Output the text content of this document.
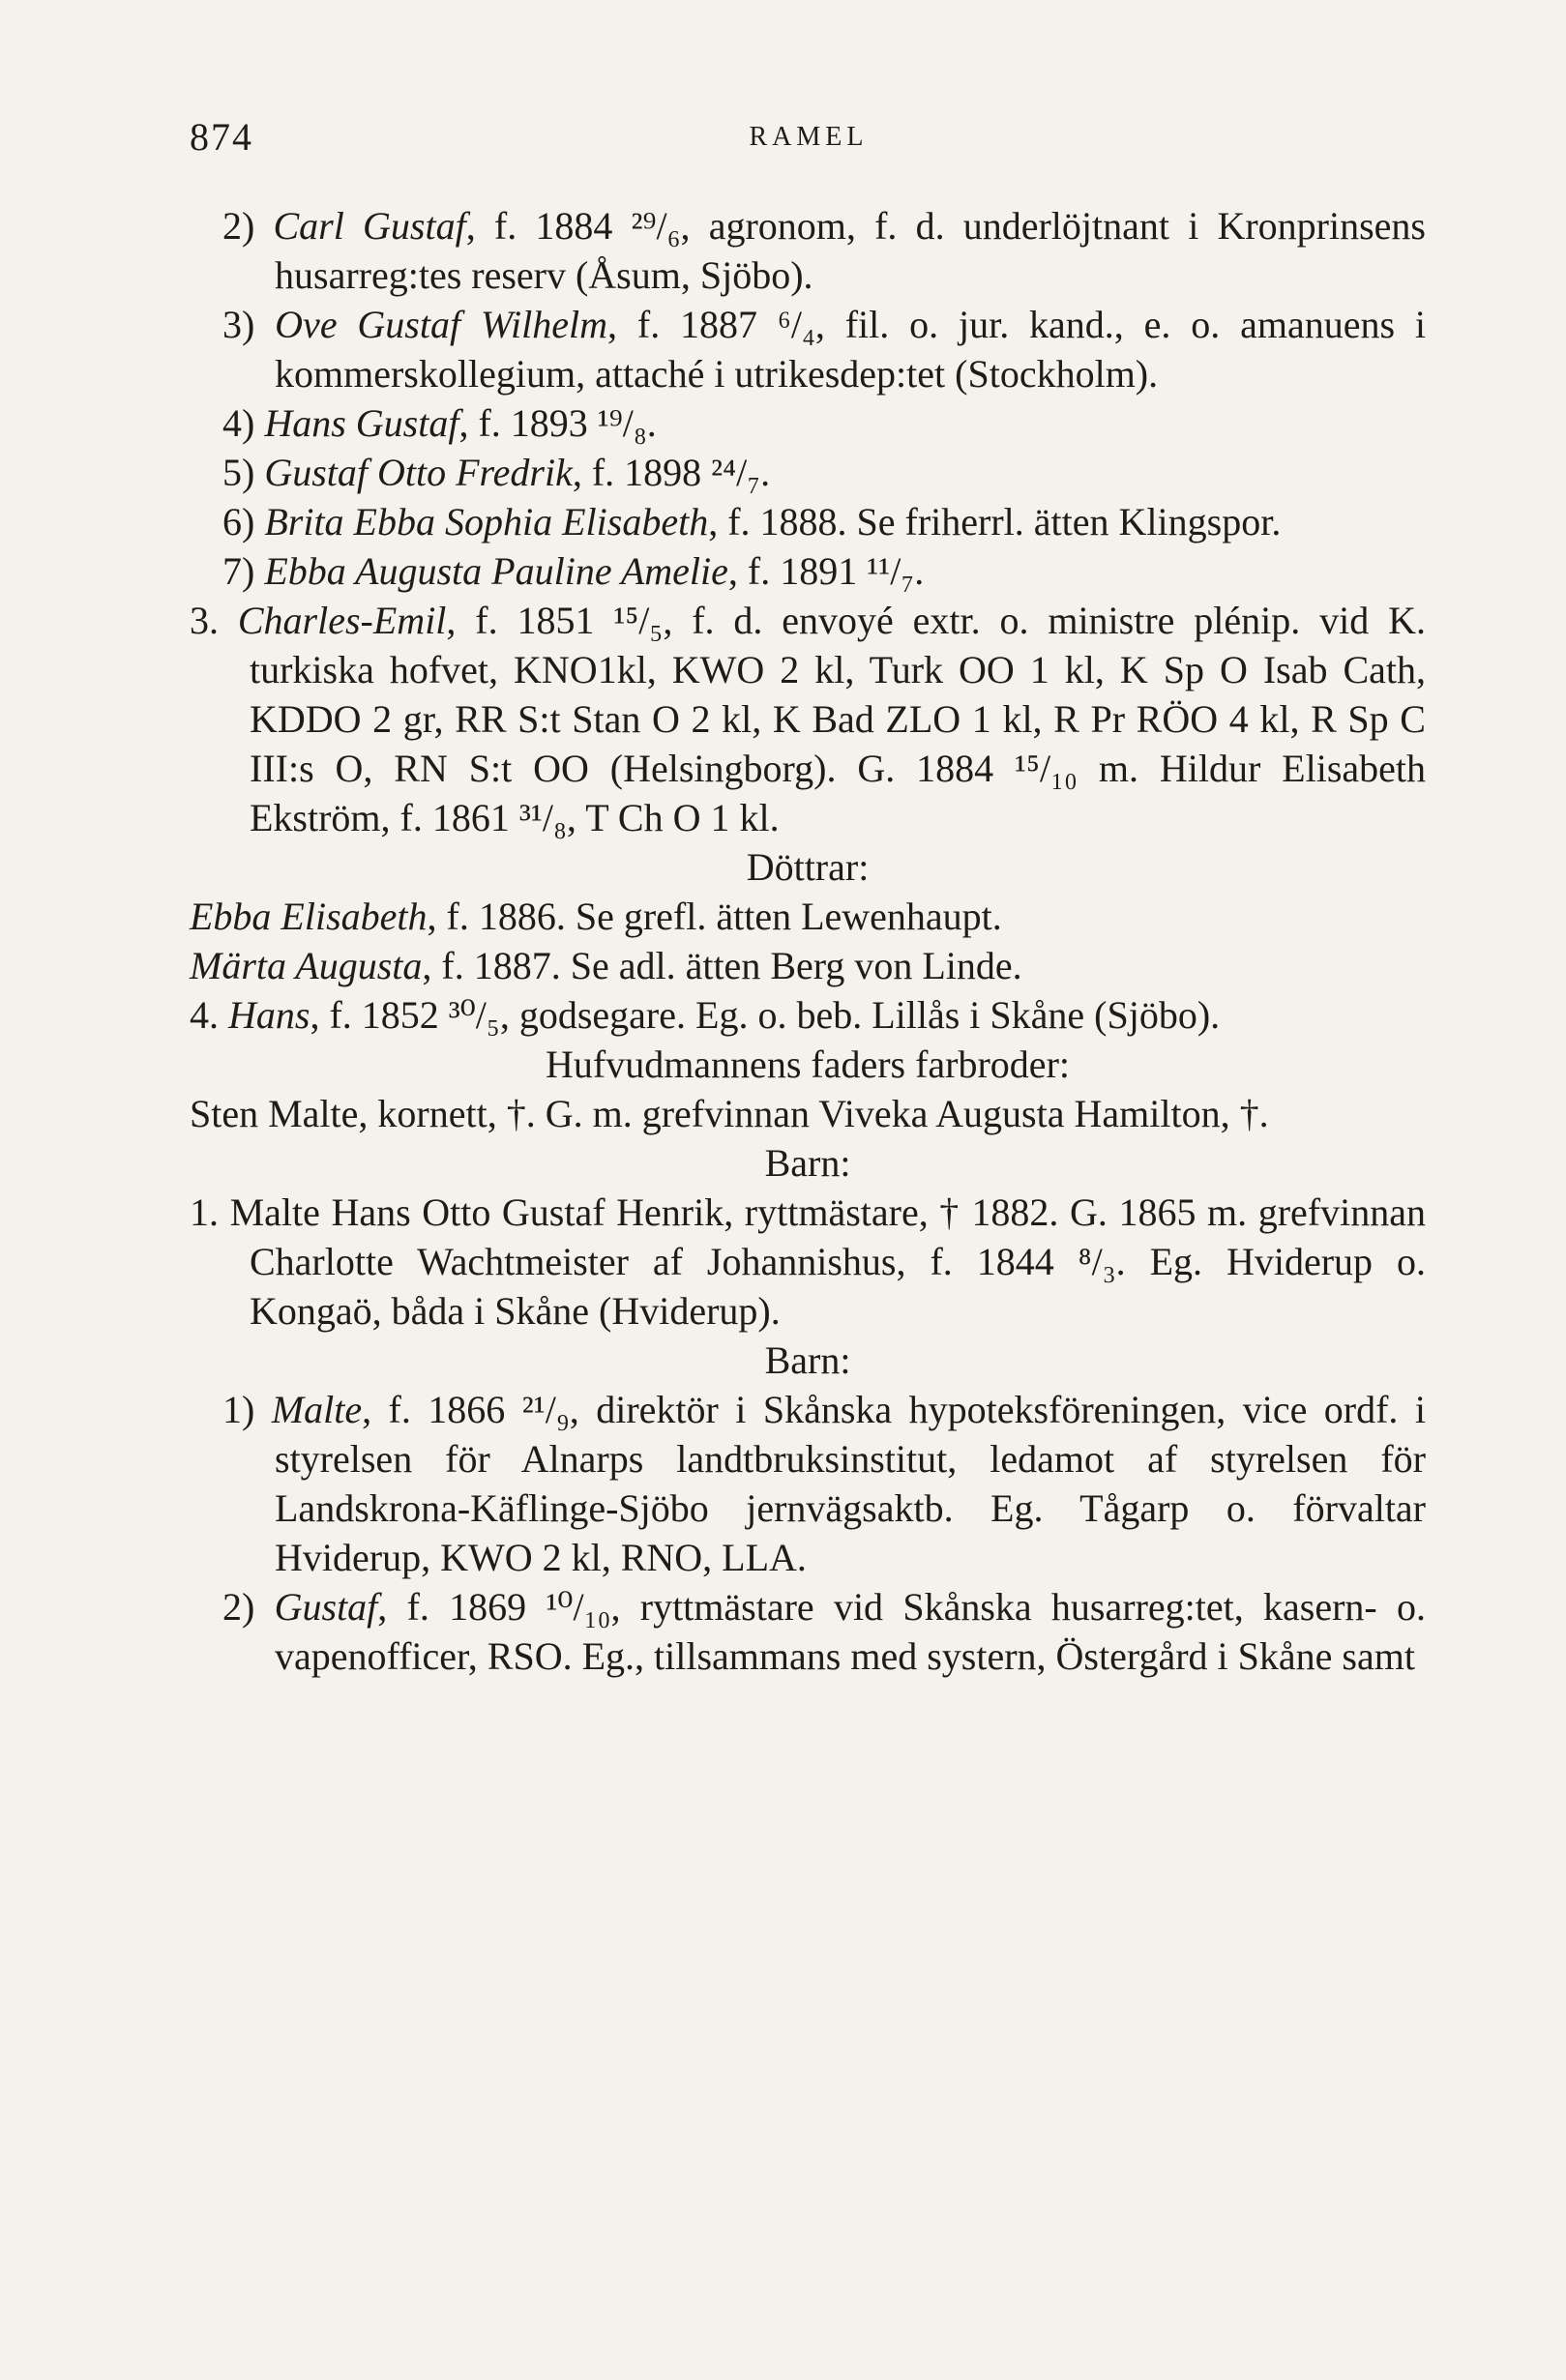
874	RAMEL

2) Carl Gustaf, f. 1884 ²⁹/₆, agronom, f. d. underlöjtnant i Kronprinsens husarreg:tes reserv (Åsum, Sjöbo).

3) Ove Gustaf Wilhelm, f. 1887 ⁶/₄, fil. o. jur. kand., e. o. amanuens i kommerskollegium, attaché i utrikesdep:tet (Stockholm).

4) Hans Gustaf, f. 1893 ¹⁹/₈.

5) Gustaf Otto Fredrik, f. 1898 ²⁴/₇.

6) Brita Ebba Sophia Elisabeth, f. 1888. Se friherrl. ätten Klingspor.

7) Ebba Augusta Pauline Amelie, f. 1891 ¹¹/₇.

3. Charles-Emil, f. 1851 ¹⁵/₅, f. d. envoyé extr. o. ministre plénip. vid K. turkiska hofvet, KNO1kl, KWO 2 kl, Turk OO 1 kl, K Sp O Isab Cath, KDDO 2 gr, RR S:t Stan O 2 kl, K Bad ZLO 1 kl, R Pr RÖO 4 kl, R Sp C III:s O, RN S:t OO (Helsingborg). G. 1884 ¹⁵/₁₀ m. Hildur Elisabeth Ekström, f. 1861 ³¹/₈, T Ch O 1 kl.

Döttrar:

Ebba Elisabeth, f. 1886. Se grefl. ätten Lewenhaupt.

Märta Augusta, f. 1887. Se adl. ätten Berg von Linde.

4. Hans, f. 1852 ³⁰/₅, godsegare. Eg. o. beb. Lillås i Skåne (Sjöbo).

Hufvudmannens faders farbroder:

Sten Malte, kornett, †. G. m. grefvinnan Viveka Augusta Hamilton, †.

Barn:

1. Malte Hans Otto Gustaf Henrik, ryttmästare, † 1882. G. 1865 m. grefvinnan Charlotte Wachtmeister af Johannishus, f. 1844 ⁸/₃. Eg. Hviderup o. Kongaö, båda i Skåne (Hviderup).

Barn:

1) Malte, f. 1866 ²¹/₉, direktör i Skånska hypoteksföreningen, vice ordf. i styrelsen för Alnarps landtbruksinstitut, ledamot af styrelsen för Landskrona-Käflinge-Sjöbo jernvägsaktb. Eg. Tågarp o. förvaltar Hviderup, KWO 2 kl, RNO, LLA.

2) Gustaf, f. 1869 ¹⁰/₁₀, ryttmästare vid Skånska husarreg:tet, kasern- o. vapenofficer, RSO. Eg., tillsammans med systern, Östergård i Skåne samt
